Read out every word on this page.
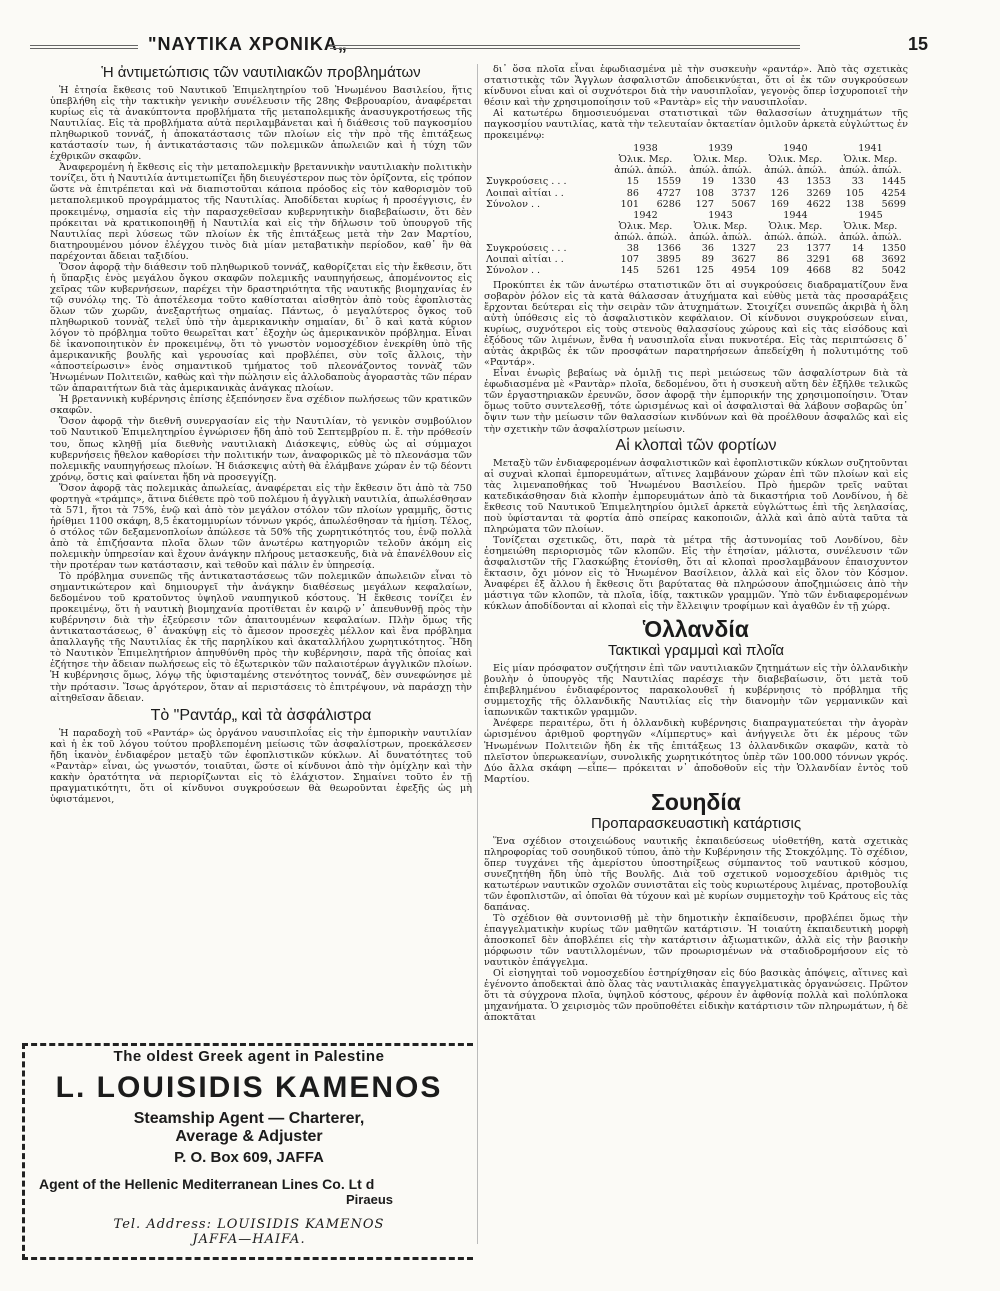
"ΝΑΥΤΙΚΑ ΧΡΟΝΙΚΑ„	15
Ἡ ἀντιμετώπισις τῶν ναυτιλιακῶν προβλημάτων

Ἡ ἐτησία ἔκθεσις τοῦ Ναυτικοῦ Ἐπιμελητηρίου τοῦ Ἡνωμένου Βασιλείου, ἥτις ὑπεβλήθη εἰς τὴν τακτικὴν γενικὴν συνέλευσιν τῆς 28ης Φεβρουαρίου, ἀναφέρεται κυρίως εἰς τὰ ἀνακύπτοντα προβλήματα τῆς μεταπολεμικῆς ἀνασυγκροτήσεως τῆς Ναυτιλίας. Εἰς τὰ προβλήματα αὐτὰ περιλαμβάνεται καὶ ἡ διάθεσις τοῦ παγκοσμίου πληθωρικοῦ τοννάζ, ἡ ἀποκατάστασις τῶν πλοίων εἰς τὴν πρὸ τῆς ἐπιτάξεως κατάστασίν των, ἡ ἀντικατάστασις τῶν πολεμικῶν ἀπωλειῶν καὶ ἡ τύχη τῶν ἐχθρικῶν σκαφῶν.

Ἀναφερομένη ἡ ἔκθεσις εἰς τὴν μεταπολεμικὴν βρεταννικὴν ναυτιλιακὴν πολιτικὴν τονίζει, ὅτι ἡ Ναυτιλία ἀντιμετωπίζει ἤδη διευγέστερον πως τὸν ὁρίζοντα, εἰς τρόπον ὥστε νὰ ἐπιτρέπεται καὶ νὰ διαπιστοῦται κάποια πρόοδος εἰς τὸν καθορισμὸν τοῦ μεταπολεμικοῦ προγράμματος τῆς Ναυτιλίας. Ἀποδίδεται κυρίως ἡ προσέγγισις, ἐν προκειμένῳ, σημασία εἰς τὴν παρασχεθεῖσαν κυβερνητικὴν διαβεβαίωσιν, ὅτι δὲν πρόκειται νὰ κρατικοποιηθῇ ἡ Ναυτιλία καὶ εἰς τὴν δήλωσιν τοῦ ὑπουργοῦ τῆς Ναυτιλίας περὶ λύσεως τῶν πλοίων ἐκ τῆς ἐπιτάξεως μετὰ τὴν 2αν Μαρτίου, διατηρουμένου μόνον ἐλέγχου τινὸς διὰ μίαν μεταβατικὴν περίοδον, καθ᾽ ἣν θὰ παρέχονται ἄδειαι ταξιδίου.

Ὅσον ἀφορᾷ τὴν διάθεσιν τοῦ πληθωρικοῦ τοννάζ, καθορίζεται εἰς τὴν ἔκθεσιν, ὅτι ἡ ὕπαρξις ἑνὸς μεγάλου ὄγκου σκαφῶν πολεμικῆς ναυπηγήσεως, ἀπομένοντος εἰς χεῖρας τῶν κυβερνήσεων, παρέχει τὴν δραστηριότητα τῆς ναυτικῆς βιομηχανίας ἐν τῷ συνόλῳ της. Τὸ ἀποτέλεσμα τοῦτο καθίσταται αἰσθητὸν ἀπὸ τοὺς ἐφοπλιστὰς ὅλων τῶν χωρῶν, ἀνεξαρτήτως σημαίας. Πάντως, ὁ μεγαλύτερος ὄγκος τοῦ πληθωρικοῦ τοννὰζ τελεῖ ὑπὸ τὴν ἀμερικανικὴν σημαίαν, δι᾽ ὃ καὶ κατὰ κύριον λόγον τὸ πρόβλημα τοῦτο θεωρεῖται κατ᾽ ἐξοχὴν ὡς ἀμερικανικὸν πρόβλημα. Εἶναι δὲ ἱκανοποιητικὸν ἐν προκειμένῳ, ὅτι τὸ γνωστὸν νομοσχέδιον ἐνεκρίθη ὑπὸ τῆς ἀμερικανικῆς βουλῆς καὶ γερουσίας καὶ προβλέπει, σὺν τοῖς ἄλλοις, τὴν «ἀποστείρωσιν» ἑνὸς σημαντικοῦ τμήματος τοῦ πλεονάζοντος τοννὰζ τῶν Ἡνωμένων Πολιτειῶν, καθὼς καὶ τὴν πώλησιν εἰς ἀλλοδαποὺς ἀγοραστὰς τῶν πέραν τῶν ἀπαραιτήτων διὰ τὰς ἀμερικανικὰς ἀνάγκας πλοίων.

Ἡ βρεταννικὴ κυβέρνησις ἐπίσης ἐξεπόνησεν ἕνα σχέδιον πωλήσεως τῶν κρατικῶν σκαφῶν.

Ὅσον ἀφορᾷ τὴν διεθνῆ συνεργασίαν εἰς τὴν Ναυτιλίαν, τὸ γενικὸν συμβούλιον τοῦ Ναυτικοῦ Ἐπιμελητηρίου ἐγνώρισεν ἤδη ἀπὸ τοῦ Σεπτεμβρίου π. ἔ. τὴν πρόθεσίν του, ὅπως κληθῇ μία διεθνὴς ναυτιλιακὴ Διάσκεψις, εὐθὺς ὡς αἱ σύμμαχοι κυβερνήσεις ἤθελον καθορίσει τὴν πολιτικήν των, ἀναφορικῶς μὲ τὸ πλεονάσμα τῶν πολεμικῆς ναυπηγήσεως πλοίων. Ἡ διάσκεψις αὐτὴ θὰ ἐλάμβανε χώραν ἐν τῷ δέοντι χρόνῳ, ὅστις καὶ φαίνεται ἤδη νὰ προσεγγίζῃ.

Ὅσον ἀφορᾷ τὰς πολεμικὰς ἀπωλείας, ἀναφέρεται εἰς τὴν ἔκθεσιν ὅτι ἀπὸ τὰ 750 φορτηγὰ «τράμπς», ἅτινα διέθετε πρὸ τοῦ πολέμου ἡ ἀγγλικὴ ναυτιλία, ἀπωλέσθησαν τὰ 571, ἤτοι τὰ 75%, ἐνῷ καὶ ἀπὸ τὸν μεγάλον στόλον τῶν πλοίων γραμμῆς, ὅστις ἠρίθμει 1100 σκάφη, 8,5 ἑκατομμυρίων τόννων γκρός, ἀπωλέσθησαν τὰ ἡμίση. Τέλος, ὁ στόλος τῶν δεξαμενοπλοίων ἀπώλεσε τὰ 50% τῆς χωρητικότητός του, ἐνῷ πολλὰ ἀπὸ τὰ ἐπιζήσαντα πλοῖα ὅλων τῶν ἀνωτέρω κατηγοριῶν τελοῦν ἀκόμη εἰς πολεμικὴν ὑπηρεσίαν καὶ ἔχουν ἀνάγκην πλήρους μετασκευῆς, διὰ νὰ ἐπανέλθουν εἰς τὴν προτέραν των κατάστασιν, καὶ τεθοῦν καὶ πάλιν ἐν ὑπηρεσίᾳ.

Τὸ πρόβλημα συνεπῶς τῆς ἀντικαταστάσεως τῶν πολεμικῶν ἀπωλειῶν εἶναι τὸ σημαντικώτερον καὶ δημιουργεῖ τὴν ἀνάγκην διαθέσεως μεγάλων κεφαλαίων, δεδομένου τοῦ κρατοῦντος ὑψηλοῦ ναυπηγικοῦ κόστους. Ἡ ἔκθεσις τονίζει ἐν προκειμένῳ, ὅτι ἡ ναυτικὴ βιομηχανία προτίθεται ἐν καιρῷ ν᾽ ἀπευθυνθῇ πρὸς τὴν κυβέρνησιν διὰ τὴν ἐξεύρεσιν τῶν ἀπαιτουμένων κεφαλαίων. Πλὴν ὅμως τῆς ἀντικαταστάσεως, θ᾽ ἀνακύψῃ εἰς τὸ ἄμεσον προσεχὲς μέλλον καὶ ἕνα πρόβλημα ἀπαλλαγῆς τῆς Ναυτιλίας ἐκ τῆς παρηλίκου καὶ ἀκαταλλήλου χωρητικότητος. Ἤδη τὸ Ναυτικὸν Ἐπιμελητήριον ἀπηυθύνθη πρὸς τὴν κυβέρνησιν, παρὰ τῆς ὁποίας καὶ ἐζήτησε τὴν ἄδειαν πωλήσεως εἰς τὸ ἐξωτερικὸν τῶν παλαιοτέρων ἀγγλικῶν πλοίων. Ἡ κυβέρνησις ὅμως, λόγῳ τῆς ὑφισταμένης στενότητος τοννάζ, δὲν συνεφώνησε μὲ τὴν πρότασιν. Ἴσως ἀργότερον, ὅταν αἱ περιστάσεις τὸ ἐπιτρέψουν, νὰ παράσχῃ τὴν αἰτηθεῖσαν ἄδειαν.

Τὸ "Ραντάρ„ καὶ τὰ ἀσφάλιστρα

Ἡ παραδοχὴ τοῦ «Ραντάρ» ὡς ὀργάνου ναυσιπλοΐας εἰς τὴν ἐμπορικὴν ναυτιλίαν καὶ ἡ ἐκ τοῦ λόγου τούτου προβλεπομένη μείωσις τῶν ἀσφαλίστρων, προεκάλεσεν ἤδη ἱκανὸν ἐνδιαφέρον μεταξὺ τῶν ἐφοπλιστικῶν κύκλων. Αἱ δυνατότητες τοῦ «Ραντὰρ» εἶναι, ὡς γνωστόν, τοιαῦται, ὥστε οἱ κίνδυνοι ἀπὸ τὴν ὁμίχλην καὶ τὴν κακὴν ὁρατότητα νὰ περιορίζωνται εἰς τὸ ἐλάχιστον. Σημαίνει τοῦτο ἐν τῇ πραγματικότητι, ὅτι οἱ κίνδυνοι συγκρούσεων θὰ θεωροῦνται ἐφεξῆς ὡς μὴ ὑφιστάμενοι,

The oldest Greek agent in Palestine
L. LOUISIDIS KAMENOS
Steamship Agent — Charterer,
Average & Adjuster
P. O. Box 609, JAFFA
Agent of the Hellenic Mediterranean Lines Co. Lt d
Piraeus
Tel. Address: LOUISIDIS KAMENOS
JAFFA—HAIFA.

δι᾽ ὅσα πλοῖα εἶναι ἐφωδιασμένα μὲ τὴν συσκευὴν «ραντάρ». Ἀπὸ τὰς σχετικὰς στατιστικὰς τῶν Ἄγγλων ἀσφαλιστῶν ἀποδεικνύεται, ὅτι οἱ ἐκ τῶν συγκρούσεων κίνδυνοι εἶναι καὶ οἱ συχνότεροι διὰ τὴν ναυσιπλοΐαν, γεγονὸς ὅπερ ἰσχυροποιεῖ τὴν θέσιν καὶ τὴν χρησιμοποίησιν τοῦ «Ραντὰρ» εἰς τὴν ναυσιπλοΐαν.

Αἱ κατωτέρω δημοσιευόμεναι στατιστικαὶ τῶν θαλασσίων ἀτυχημάτων τῆς παγκοσμίου ναυτιλίας, κατὰ τὴν τελευταίαν ὀκταετίαν ὁμιλοῦν ἀρκετὰ εὐγλώττως ἐν προκειμένῳ:

	1938		1939		1940		1941	
	Ὁλικ. Μερ.		Ὁλικ. Μερ.		Ὁλικ. Μερ.		Ὁλικ. Μερ.	
	ἀπώλ. ἀπώλ.		ἀπώλ. ἀπώλ.		ἀπώλ. ἀπώλ.		ἀπώλ. ἀπώλ.	
Συγκρούσεις . . .	15	1559	19	1330	43	1353	33	1445
Λοιπαὶ αἰτίαι . .	86	4727	108	3737	126	3269	105	4254
Σύνολον . .	101	6286	127	5067	169	4622	138	5699
	1942		1943		1944		1945	
	Ὁλικ. Μερ.		Ὁλικ. Μερ.		Ὁλικ. Μερ.		Ὁλικ. Μερ.	
	ἀπώλ. ἀπώλ.		ἀπώλ. ἀπώλ.		ἀπώλ. ἀπώλ.		ἀπώλ. ἀπώλ.	
Συγκρούσεις . . .	38	1366	36	1327	23	1377	14	1350
Λοιπαὶ αἰτίαι . .	107	3895	89	3627	86	3291	68	3692
Σύνολον . .	145	5261	125	4954	109	4668	82	5042

Προκύπτει ἐκ τῶν ἀνωτέρω στατιστικῶν ὅτι αἱ συγκρούσεις διαδραματίζουν ἕνα σοβαρὸν ῥόλον εἰς τὰ κατὰ θάλασσαν ἀτυχήματα καὶ εὐθὺς μετὰ τὰς προσαράξεις ἔρχονται δεύτεραι εἰς τὴν σειρὰν τῶν ἀτυχημάτων. Στοιχίζει συνεπῶς ἀκριβὰ ἡ ὅλη αὐτὴ ὑπόθεσις εἰς τὸ ἀσφαλιστικὸν κεφάλαιον. Οἱ κίνδυνοι συγκρούσεων εἶναι, κυρίως, συχνότεροι εἰς τοὺς στενοὺς θαλασσίους χώρους καὶ εἰς τὰς εἰσόδους καὶ ἐξόδους τῶν λιμένων, ἔνθα ἡ ναυσιπλοΐα εἶναι πυκνοτέρα. Εἰς τὰς περιπτώσεις δ᾽ αὐτὰς ἀκριβῶς ἐκ τῶν προσφάτων παρατηρήσεων ἀπεδείχθη ἡ πολυτιμότης τοῦ «Ραντάρ».

Εἶναι ἐνωρὶς βεβαίως νὰ ὁμιλῇ τις περὶ μειώσεως τῶν ἀσφαλίστρων διὰ τὰ ἐφωδιασμένα μὲ «Ραντὰρ» πλοῖα, δεδομένου, ὅτι ἡ συσκευὴ αὕτη δὲν ἐξῆλθε τελικῶς τῶν ἐργαστηριακῶν ἐρευνῶν, ὅσον ἀφορᾷ τὴν ἐμπορικήν της χρησιμοποίησιν. Ὅταν ὅμως τοῦτο συντελεσθῇ, τότε ὡρισμένως καὶ οἱ ἀσφαλισταὶ θὰ λάβουν σοβαρῶς ὑπ᾽ ὄψιν των τὴν μείωσιν τῶν θαλασσίων κινδύνων καὶ θὰ προέλθουν ἀσφαλῶς καὶ εἰς τὴν σχετικὴν τῶν ἀσφαλίστρων μείωσιν.

Αἱ κλοπαὶ τῶν φορτίων

Μεταξὺ τῶν ἐνδιαφερομένων ἀσφαλιστικῶν καὶ ἐφοπλιστικῶν κύκλων συζητοῦνται αἱ συχναὶ κλοπαὶ ἐμπορευμάτων, αἵτινες λαμβάνουν χώραν ἐπὶ τῶν πλοίων καὶ εἰς τὰς λιμεναποθήκας τοῦ Ἡνωμένου Βασιλείου. Πρὸ ἡμερῶν τρεῖς ναῦται κατεδικάσθησαν διὰ κλοπὴν ἐμπορευμάτων ἀπὸ τὰ δικαστήρια τοῦ Λονδίνου, ἡ δὲ ἔκθεσις τοῦ Ναυτικοῦ Ἐπιμελητηρίου ὁμιλεῖ ἀρκετὰ εὐγλώττως ἐπὶ τῆς λεηλασίας, ποὺ ὑφίστανται τὰ φορτία ἀπὸ σπείρας κακοποιῶν, ἀλλὰ καὶ ἀπὸ αὐτὰ ταῦτα τὰ πληρώματα τῶν πλοίων.

Τονίζεται σχετικῶς, ὅτι, παρὰ τὰ μέτρα τῆς ἀστυνομίας τοῦ Λονδίνου, δὲν ἐσημειώθη περιορισμὸς τῶν κλοπῶν. Εἰς τὴν ἐτησίαν, μάλιστα, συνέλευσιν τῶν ἀσφαλιστῶν τῆς Γλασκώβης ἐτονίσθη, ὅτι αἱ κλοπαὶ προσλαμβάνουν ἐπαισχυντον ἔκτασιν, ὄχι μόνον εἰς τὸ Ἡνωμένον Βασίλειον, ἀλλὰ καὶ εἰς ὅλον τὸν Κόσμον. Ἀναφέρει ἐξ ἄλλου ἡ ἔκθεσις ὅτι βαρύτατας θὰ πληρώσουν ἀποζημιώσεις ἀπὸ τὴν μάστιγα τῶν κλοπῶν, τὰ πλοῖα, ἰδίᾳ, τακτικῶν γραμμῶν. Ὑπὸ τῶν ἐνδιαφερομένων κύκλων ἀποδίδονται αἱ κλοπαὶ εἰς τὴν ἔλλειψιν τροφίμων καὶ ἀγαθῶν ἐν τῇ χώρᾳ.

Ὁλλανδία
Τακτικαὶ γραμμαὶ καὶ πλοῖα

Εἰς μίαν πρόσφατον συζήτησιν ἐπὶ τῶν ναυτιλιακῶν ζητημάτων εἰς τὴν ὁλλανδικὴν βουλὴν ὁ ὑπουργὸς τῆς Ναυτιλίας παρέσχε τὴν διαβεβαίωσιν, ὅτι μετὰ τοῦ ἐπιβεβλημένου ἐνδιαφέροντος παρακολουθεῖ ἡ κυβέρνησις τὸ πρόβλημα τῆς συμμετοχῆς τῆς ὁλλανδικῆς Ναυτιλίας εἰς τὴν διανομὴν τῶν γερμανικῶν καὶ ἰαπωνικῶν τακτικῶν γραμμῶν.

Ἀνέφερε περαιτέρω, ὅτι ἡ ὁλλανδικὴ κυβέρνησις διαπραγματεύεται τὴν ἀγορὰν ὡρισμένου ἀριθμοῦ φορτηγῶν «Λίμπερτυς» καὶ ἀνήγγειλε ὅτι ἐκ μέρους τῶν Ἡνωμένων Πολιτειῶν ἤδη ἐκ τῆς ἐπιτάξεως 13 ὁλλανδικῶν σκαφῶν, κατὰ τὸ πλεῖστον ὑπερωκεανίων, συνολικῆς χωρητικότητος ὑπὲρ τῶν 100.000 τόννων γκρός. Δύο ἄλλα σκάφη —εἶπε— πρόκειται ν᾽ ἀποδοθοῦν εἰς τὴν Ὁλλανδίαν ἐντὸς τοῦ Μαρτίου.

Σουηδία
Προπαρασκευαστικὴ κατάρτισις

Ἕνα σχέδιον στοιχειώδους ναυτικῆς ἐκπαιδεύσεως υἱοθετήθη, κατὰ σχετικὰς πληροφορίας τοῦ σουηδικοῦ τύπου, ἀπὸ τὴν Κυβέρνησιν τῆς Στοκχόλμης. Τὸ σχέδιον, ὅπερ τυγχάνει τῆς ἀμερίστου ὑποστηρίξεως σύμπαντος τοῦ ναυτικοῦ κόσμου, συνεζητήθη ἤδη ὑπὸ τῆς Βουλῆς. Διὰ τοῦ σχετικοῦ νομοσχεδίου ἀριθμὸς τις κατωτέρων ναυτικῶν σχολῶν συνιστᾶται εἰς τοὺς κυριωτέρους λιμένας, προτοβουλίᾳ τῶν ἐφοπλιστῶν, αἱ ὁποῖαι θὰ τύχουν καὶ μὲ κυρίων συμμετοχὴν τοῦ Κράτους εἰς τὰς δαπάνας.

Τὸ σχέδιον θὰ συντονισθῇ μὲ τὴν δημοτικὴν ἐκπαίδευσιν, προβλέπει ὅμως τὴν ἐπαγγελματικὴν κυρίως τῶν μαθητῶν κατάρτισιν. Ἡ τοιαύτη ἐκπαιδευτικὴ μορφὴ ἀποσκοπεῖ δὲν ἀποβλέπει εἰς τὴν κατάρτισιν ἀξιωματικῶν, ἀλλὰ εἰς τὴν βασικὴν μόρφωσιν τῶν ναυτιλλομένων, τῶν προωρισμένων νὰ σταδιοδρομήσουν εἰς τὸ ναυτικὸν ἐπάγγελμα.

Οἱ εἰσηγηταὶ τοῦ νομοσχεδίου ἐστηρίχθησαν εἰς δύο βασικὰς ἀπόψεις, αἵτινες καὶ ἐγένοντο ἀποδεκταὶ ἀπὸ ὅλας τὰς ναυτιλιακὰς ἐπαγγελματικὰς ὀργανώσεις. Πρῶτον ὅτι τὰ σύγχρονα πλοῖα, ὑψηλοῦ κόστους, φέρουν ἐν ἀφθονίᾳ πολλὰ καὶ πολύπλοκα μηχανήματα. Ὁ χειρισμὸς τῶν προϋποθέτει εἰδικὴν κατάρτισιν τῶν πληρωμάτων, ἡ δὲ ἀποκτᾶται
